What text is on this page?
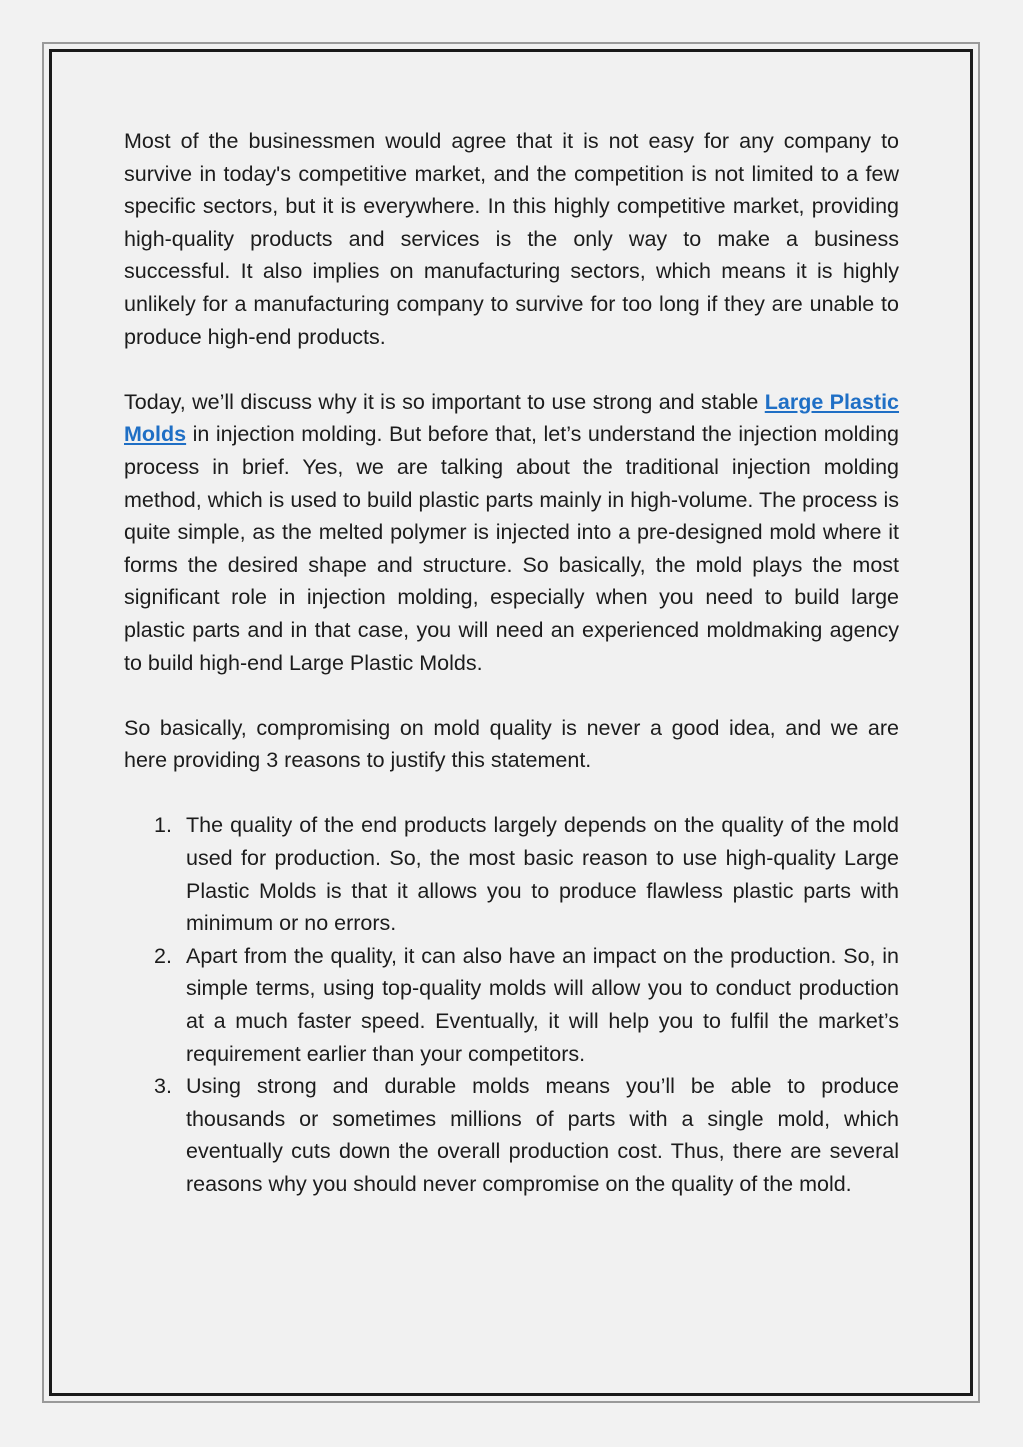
Most of the businessmen would agree that it is not easy for any company to survive in today's competitive market, and the competition is not limited to a few specific sectors, but it is everywhere. In this highly competitive market, providing high-quality products and services is the only way to make a business successful. It also implies on manufacturing sectors, which means it is highly unlikely for a manufacturing company to survive for too long if they are unable to produce high-end products.

Today, we’ll discuss why it is so important to use strong and stable Large Plastic Molds in injection molding. But before that, let’s understand the injection molding process in brief. Yes, we are talking about the traditional injection molding method, which is used to build plastic parts mainly in high-volume. The process is quite simple, as the melted polymer is injected into a pre-designed mold where it forms the desired shape and structure. So basically, the mold plays the most significant role in injection molding, especially when you need to build large plastic parts and in that case, you will need an experienced moldmaking agency to build high-end Large Plastic Molds.

So basically, compromising on mold quality is never a good idea, and we are here providing 3 reasons to justify this statement.

1. The quality of the end products largely depends on the quality of the mold used for production. So, the most basic reason to use high-quality Large Plastic Molds is that it allows you to produce flawless plastic parts with minimum or no errors.
2. Apart from the quality, it can also have an impact on the production. So, in simple terms, using top-quality molds will allow you to conduct production at a much faster speed. Eventually, it will help you to fulfil the market’s requirement earlier than your competitors.
3. Using strong and durable molds means you’ll be able to produce thousands or sometimes millions of parts with a single mold, which eventually cuts down the overall production cost. Thus, there are several reasons why you should never compromise on the quality of the mold.
